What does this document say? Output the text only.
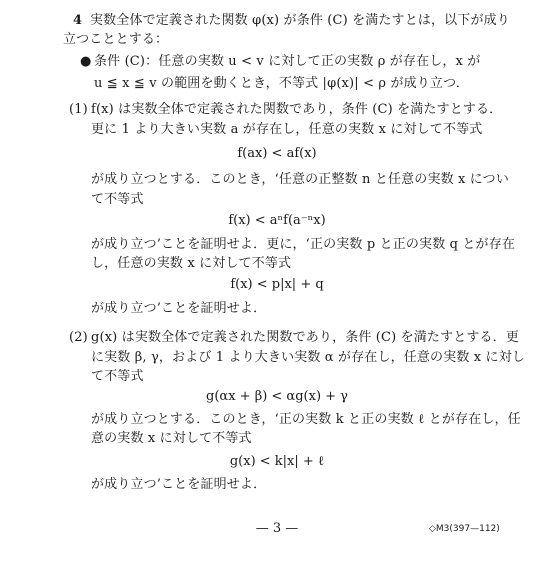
4 実数全体で定義された関数 φ(x) が条件 (C) を満たすとは，以下が成り
立つこととする：
● 条件 (C)：任意の実数 u < v に対して正の実数 ρ が存在し，x が
u ≦ x ≦ v の範囲を動くとき，不等式 |φ(x)| < ρ が成り立つ．
(1) f(x) は実数全体で定義された関数であり，条件 (C) を満たすとする．
更に 1 より大きい実数 a が存在し，任意の実数 x に対して不等式
f(ax) < af(x)
が成り立つとする．このとき，‘任意の正整数 n と任意の実数 x につい
て不等式
f(x) < aⁿf(a⁻ⁿx)
が成り立つ’ことを証明せよ．更に，‘正の実数 p と正の実数 q とが存在
し，任意の実数 x に対して不等式
f(x) < p|x| + q
が成り立つ’ことを証明せよ．
(2) g(x) は実数全体で定義された関数であり，条件 (C) を満たすとする．更
に実数 β, γ，および 1 より大きい実数 α が存在し，任意の実数 x に対し
て不等式
g(αx + β) < αg(x) + γ
が成り立つとする．このとき，‘正の実数 k と正の実数 ℓ とが存在し，任
意の実数 x に対して不等式
g(x) < k|x| + ℓ
が成り立つ’ことを証明せよ．
— 3 —	◇M3(397—112)
